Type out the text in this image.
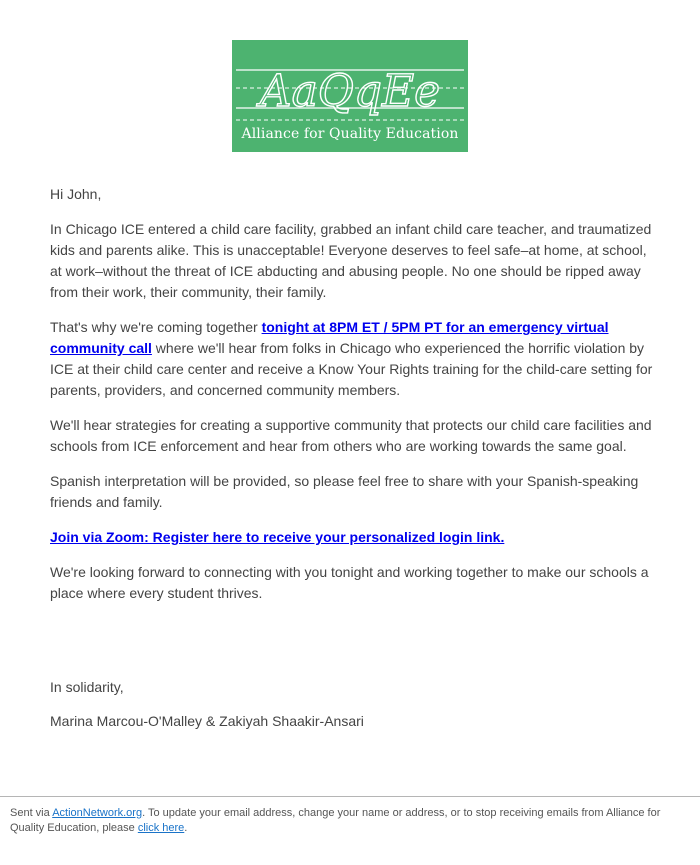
AaQqEe
Alliance for Quality Education

Hi John,

In Chicago ICE entered a child care facility, grabbed an infant child care teacher, and traumatized kids and parents alike. This is unacceptable! Everyone deserves to feel safe–at home, at school, at work–without the threat of ICE abducting and abusing people. No one should be ripped away from their work, their community, their family.

That's why we're coming together tonight at 8PM ET / 5PM PT for an emergency virtual community call where we'll hear from folks in Chicago who experienced the horrific violation by ICE at their child care center and receive a Know Your Rights training for the child-care setting for parents, providers, and concerned community members.

We'll hear strategies for creating a supportive community that protects our child care facilities and schools from ICE enforcement and hear from others who are working towards the same goal.

Spanish interpretation will be provided, so please feel free to share with your Spanish-speaking friends and family.

Join via Zoom: Register here to receive your personalized login link.

We're looking forward to connecting with you tonight and working together to make our schools a place where every student thrives.

In solidarity,
Marina Marcou-O'Malley & Zakiyah Shaakir-Ansari
Sent via ActionNetwork.org. To update your email address, change your name or address, or to stop receiving emails from Alliance for Quality Education, please click here.
